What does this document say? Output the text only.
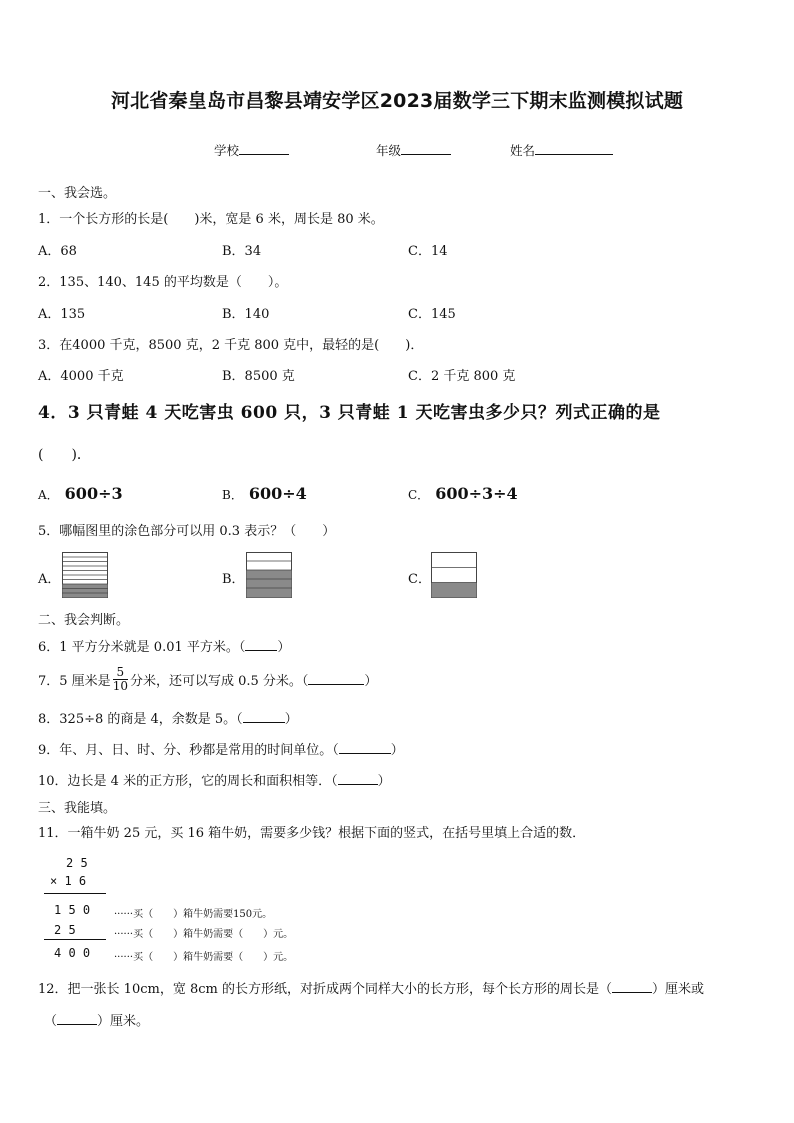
河北省秦皇岛市昌黎县靖安学区2023届数学三下期末监测模拟试题
学校	年级	姓名
一、我会选。
1．一个长方形的长是(　　)米，宽是 6 米，周长是 80 米。
A．68	B．34	C．14
2．135、140、145 的平均数是（　　）。
A．135	B．140	C．145
3．在4000 千克，8500 克，2 千克 800 克中，最轻的是(　　)．
A．4000 千克	B．8500 克	C．2 千克 800 克
4．3 只青蛙 4 天吃害虫 600 只，3 只青蛙 1 天吃害虫多少只？列式正确的是
(　　)．
A． 600÷3	B． 600÷4	C． 600÷3÷4
5．哪幅图里的涂色部分可以用 0.3 表示？（　　）
A．	B．	C．
二、我会判断。
6．1 平方分米就是 0.01 平方米。（ ）
7．5 厘米是 $\frac{5}{10}$ 分米，还可以写成 0.5 分米。（	）
8．325÷8 的商是 4，余数是 5。（	）
9．年、月、日、时、分、秒都是常用的时间单位。（	）
10．边长是 4 米的正方形，它的周长和面积相等．（	）
三、我能填。
11．一箱牛奶 25 元，买 16 箱牛奶，需要多少钱？根据下面的竖式，在括号里填上合适的数．
2 5
× 1 6
1 5 0 ······买（　　）箱牛奶需要150元。
2 5	······买（　　）箱牛奶需要（　　）元。
4 0 0 ······买（　　）箱牛奶需要（　　）元。
12．把一张长 10cm，宽 8cm 的长方形纸，对折成两个同样大小的长方形，每个长方形的周长是（	）厘米或
（	）厘米。
